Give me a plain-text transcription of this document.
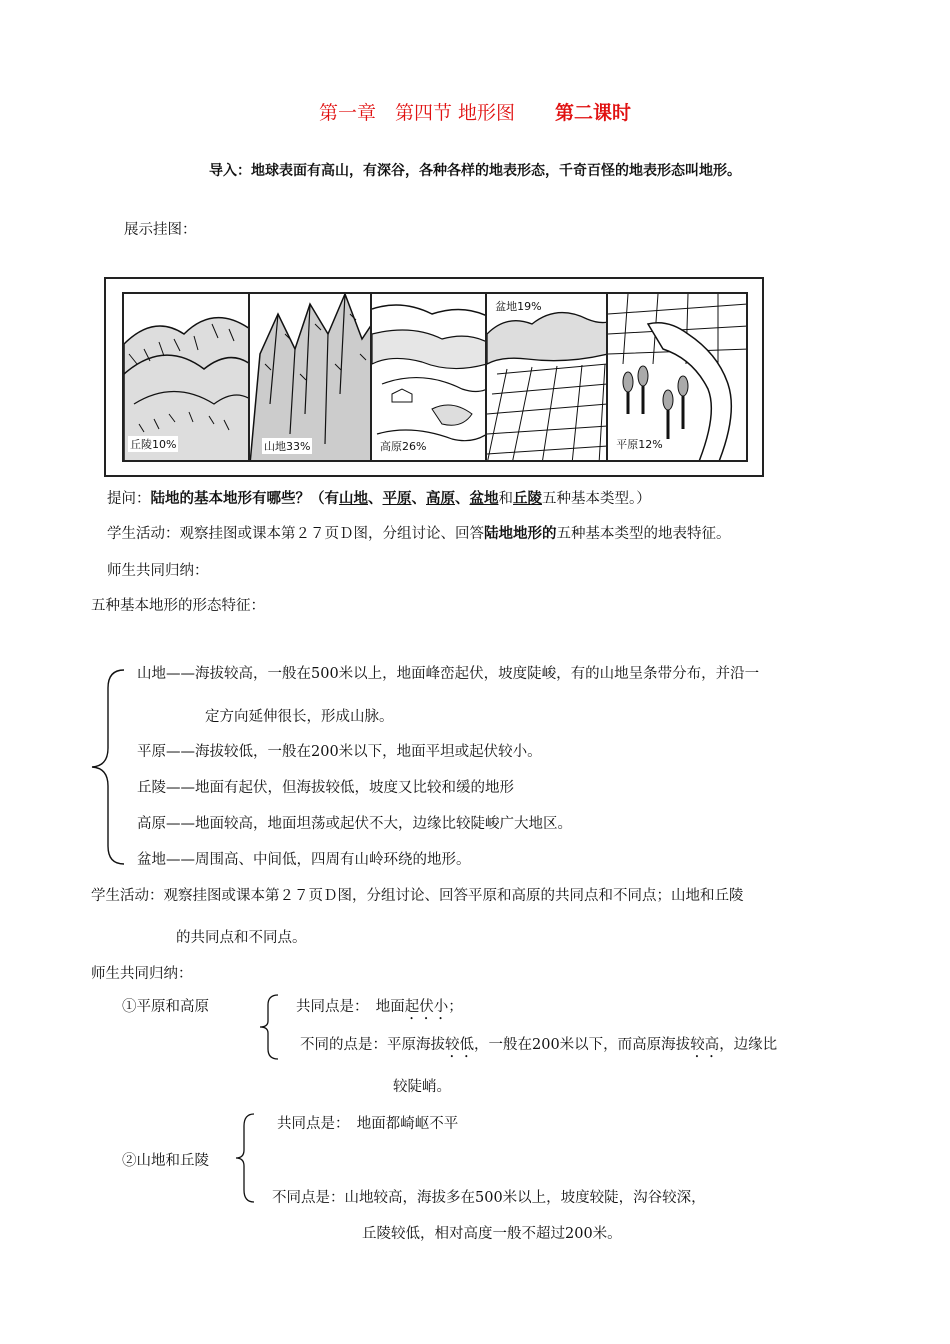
第一章　第四节 地形图 第二课时
导入：地球表面有高山，有深谷，各种各样的地表形态，千奇百怪的地表形态叫地形。
展示挂图：
丘陵10%	山地33%	高原26%
盆地19%
平原12%
提问：陆地的基本地形有哪些？（有山地、平原、高原、盆地和丘陵五种基本类型。）
学生活动：观察挂图或课本第２７页Ｄ图，分组讨论、回答陆地地形的五种基本类型的地表特征。
师生共同归纳：
五种基本地形的形态特征：
山地——海拔较高，一般在500米以上，地面峰峦起伏，坡度陡峻，有的山地呈条带分布，并沿一
定方向延伸很长，形成山脉。
平原——海拔较低，一般在200米以下，地面平坦或起伏较小。
丘陵——地面有起伏，但海拔较低，坡度又比较和缓的地形
高原——地面较高，地面坦荡或起伏不大，边缘比较陡峻广大地区。
盆地——周围高、中间低，四周有山岭环绕的地形。
学生活动：观察挂图或课本第２７页Ｄ图，分组讨论、回答平原和高原的共同点和不同点；山地和丘陵
的共同点和不同点。
师生共同归纳：
①平原和高原	共同点是：　 地面起伏小；
不同的点是：平原海拔较低，一般在200米以下，而高原海拔较高，边缘比
较陡峭。
共同点是：　地面都崎岖不平
②山地和丘陵
不同点是：山地较高，海拔多在500米以上，坡度较陡，沟谷较深，
丘陵较低，相对高度一般不超过200米。
